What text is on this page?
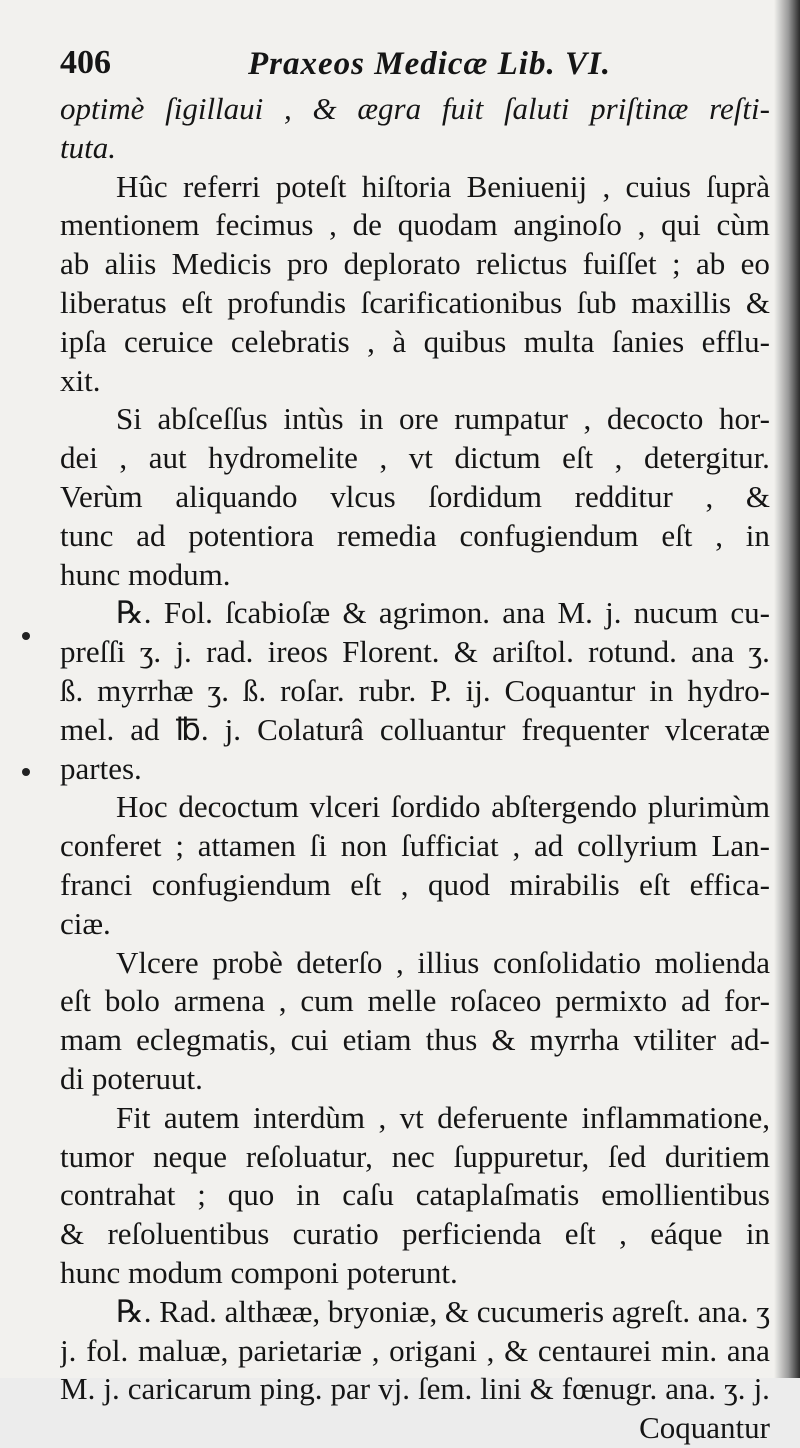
406	Praxeos Medicæ Lib. VI.
optimè ſigillaui , & ægra fuit ſaluti priſtinæ reſti-
tuta.
Hûc referri poteſt hiſtoria Beniuenij , cuius ſuprà
mentionem fecimus , de quodam anginoſo , qui cùm
ab aliis Medicis pro deplorato relictus fuiſſet ; ab eo
liberatus eſt profundis ſcarificationibus ſub maxillis &
ipſa ceruice celebratis , à quibus multa ſanies efflu-
xit.
Si abſceſſus intùs in ore rumpatur , decocto hor-
dei , aut hydromelite , vt dictum eſt , detergitur.
Verùm aliquando vlcus ſordidum redditur , &
tunc ad potentiora remedia confugiendum eſt , in
hunc modum.
℞. Fol. ſcabioſæ & agrimon. ana M. j. nucum cu-
preſſi ʒ. j. rad. ireos Florent. & ariſtol. rotund. ana ʒ.
ß. myrrhæ ʒ. ß. roſar. rubr. P. ij. Coquantur in hydro-
mel. ad ℔. j. Colaturâ colluantur frequenter vlceratæ
partes.
Hoc decoctum vlceri ſordido abſtergendo plurimùm
conferet ; attamen ſi non ſufficiat , ad collyrium Lan-
franci confugiendum eſt , quod mirabilis eſt effica-
ciæ.
Vlcere probè deterſo , illius conſolidatio molienda
eſt bolo armena , cum melle roſaceo permixto ad for-
mam eclegmatis, cui etiam thus & myrrha vtiliter ad-
di poteruut.
Fit autem interdùm , vt deferuente inflammatione,
tumor neque reſoluatur, nec ſuppuretur, ſed duritiem
contrahat ; quo in caſu cataplaſmatis emollientibus
& reſoluentibus curatio perficienda eſt , eáque in
hunc modum componi poterunt.
℞. Rad. althææ, bryoniæ, & cucumeris agreſt. ana. ʒ
j. fol. maluæ, parietariæ , origani , & centaurei min. ana
M. j. caricarum ping. par vj. ſem. lini & fœnugr. ana. ʒ. j.
Coquantur
